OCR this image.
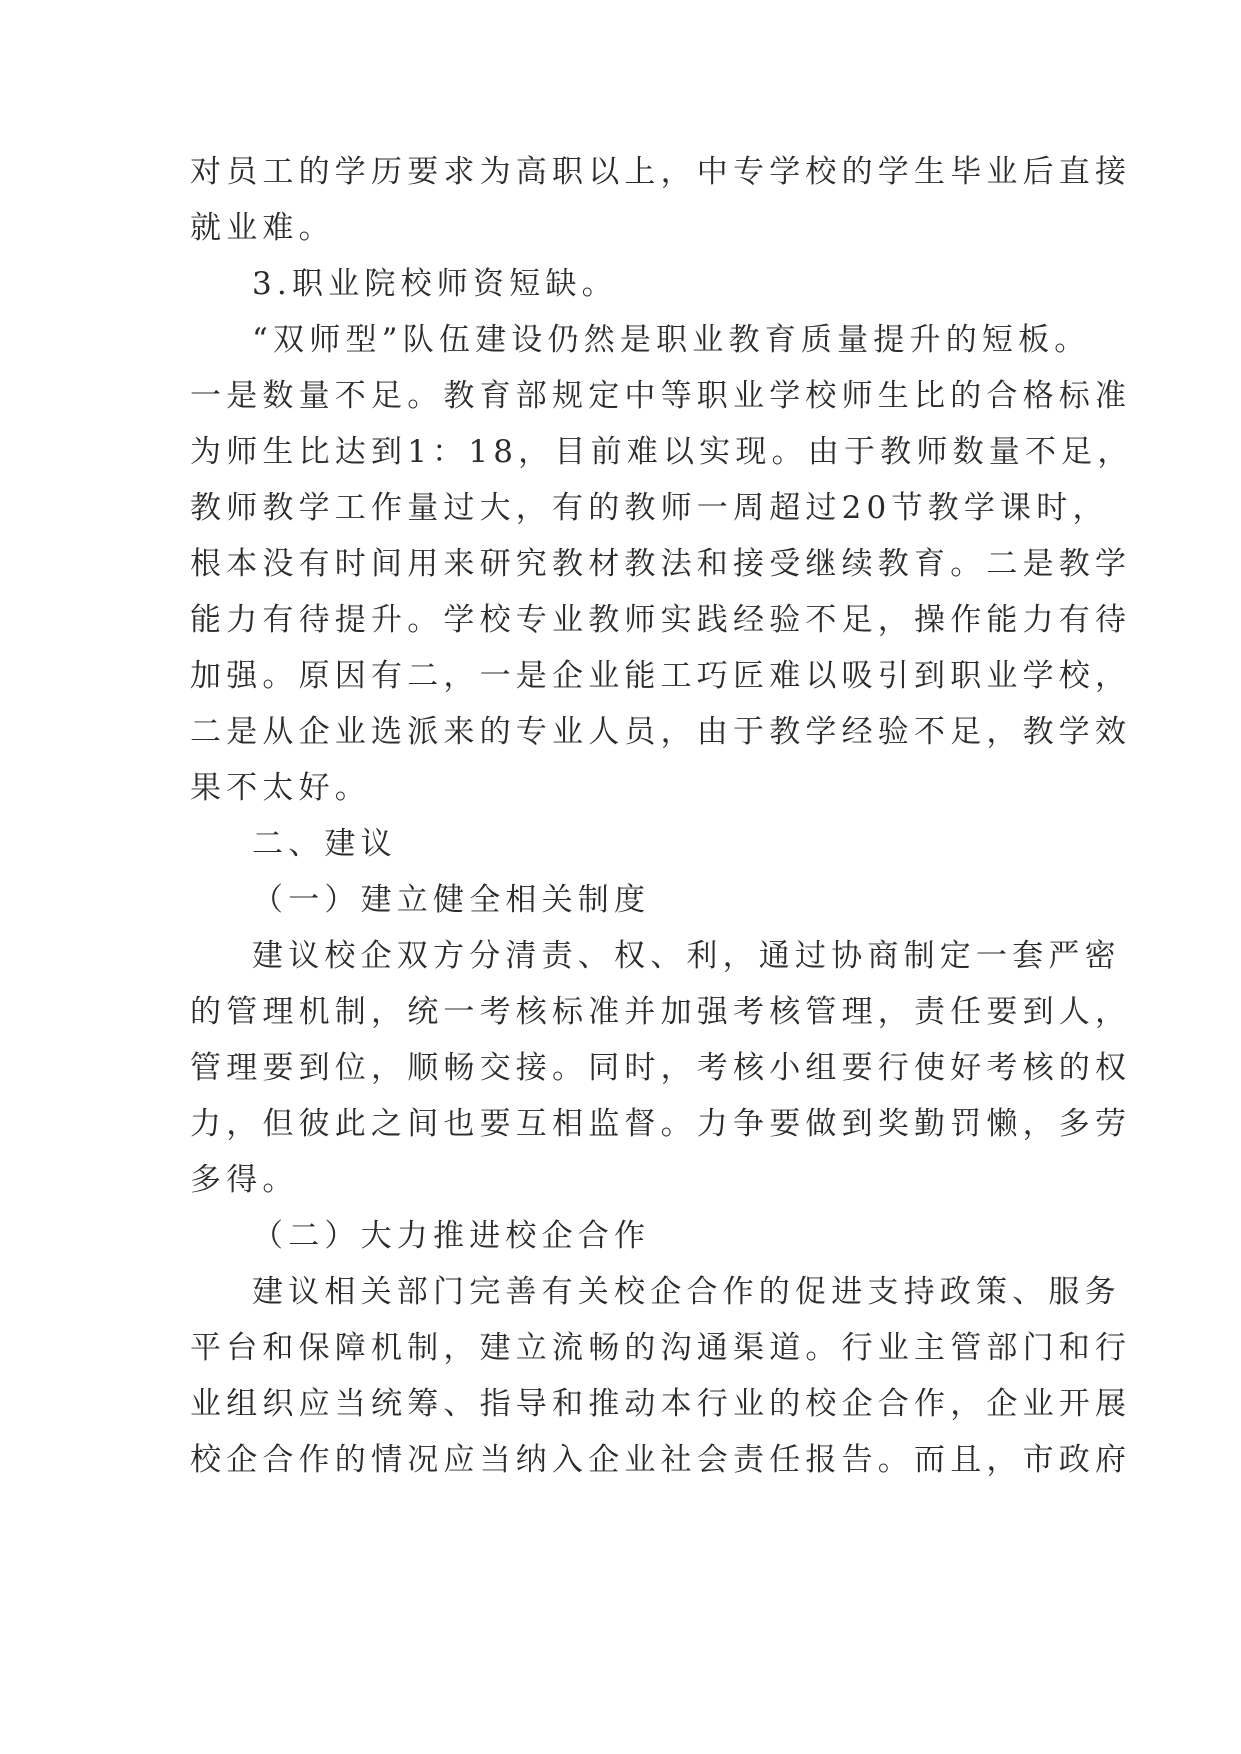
对员工的学历要求为高职以上，中专学校的学生毕业后直接

就业难。

3.职业院校师资短缺。

“双师型”队伍建设仍然是职业教育质量提升的短板。

一是数量不足。教育部规定中等职业学校师生比的合格标准

为师生比达到1：18，目前难以实现。由于教师数量不足，

教师教学工作量过大，有的教师一周超过20节教学课时，

根本没有时间用来研究教材教法和接受继续教育。二是教学

能力有待提升。学校专业教师实践经验不足，操作能力有待

加强。原因有二，一是企业能工巧匠难以吸引到职业学校，

二是从企业选派来的专业人员，由于教学经验不足，教学效

果不太好。

二、建议

（一）建立健全相关制度

建议校企双方分清责、权、利，通过协商制定一套严密

的管理机制，统一考核标准并加强考核管理，责任要到人，

管理要到位，顺畅交接。同时，考核小组要行使好考核的权

力，但彼此之间也要互相监督。力争要做到奖勤罚懒，多劳

多得。

（二）大力推进校企合作

建议相关部门完善有关校企合作的促进支持政策、服务

平台和保障机制，建立流畅的沟通渠道。行业主管部门和行

业组织应当统筹、指导和推动本行业的校企合作，企业开展

校企合作的情况应当纳入企业社会责任报告。而且，市政府
